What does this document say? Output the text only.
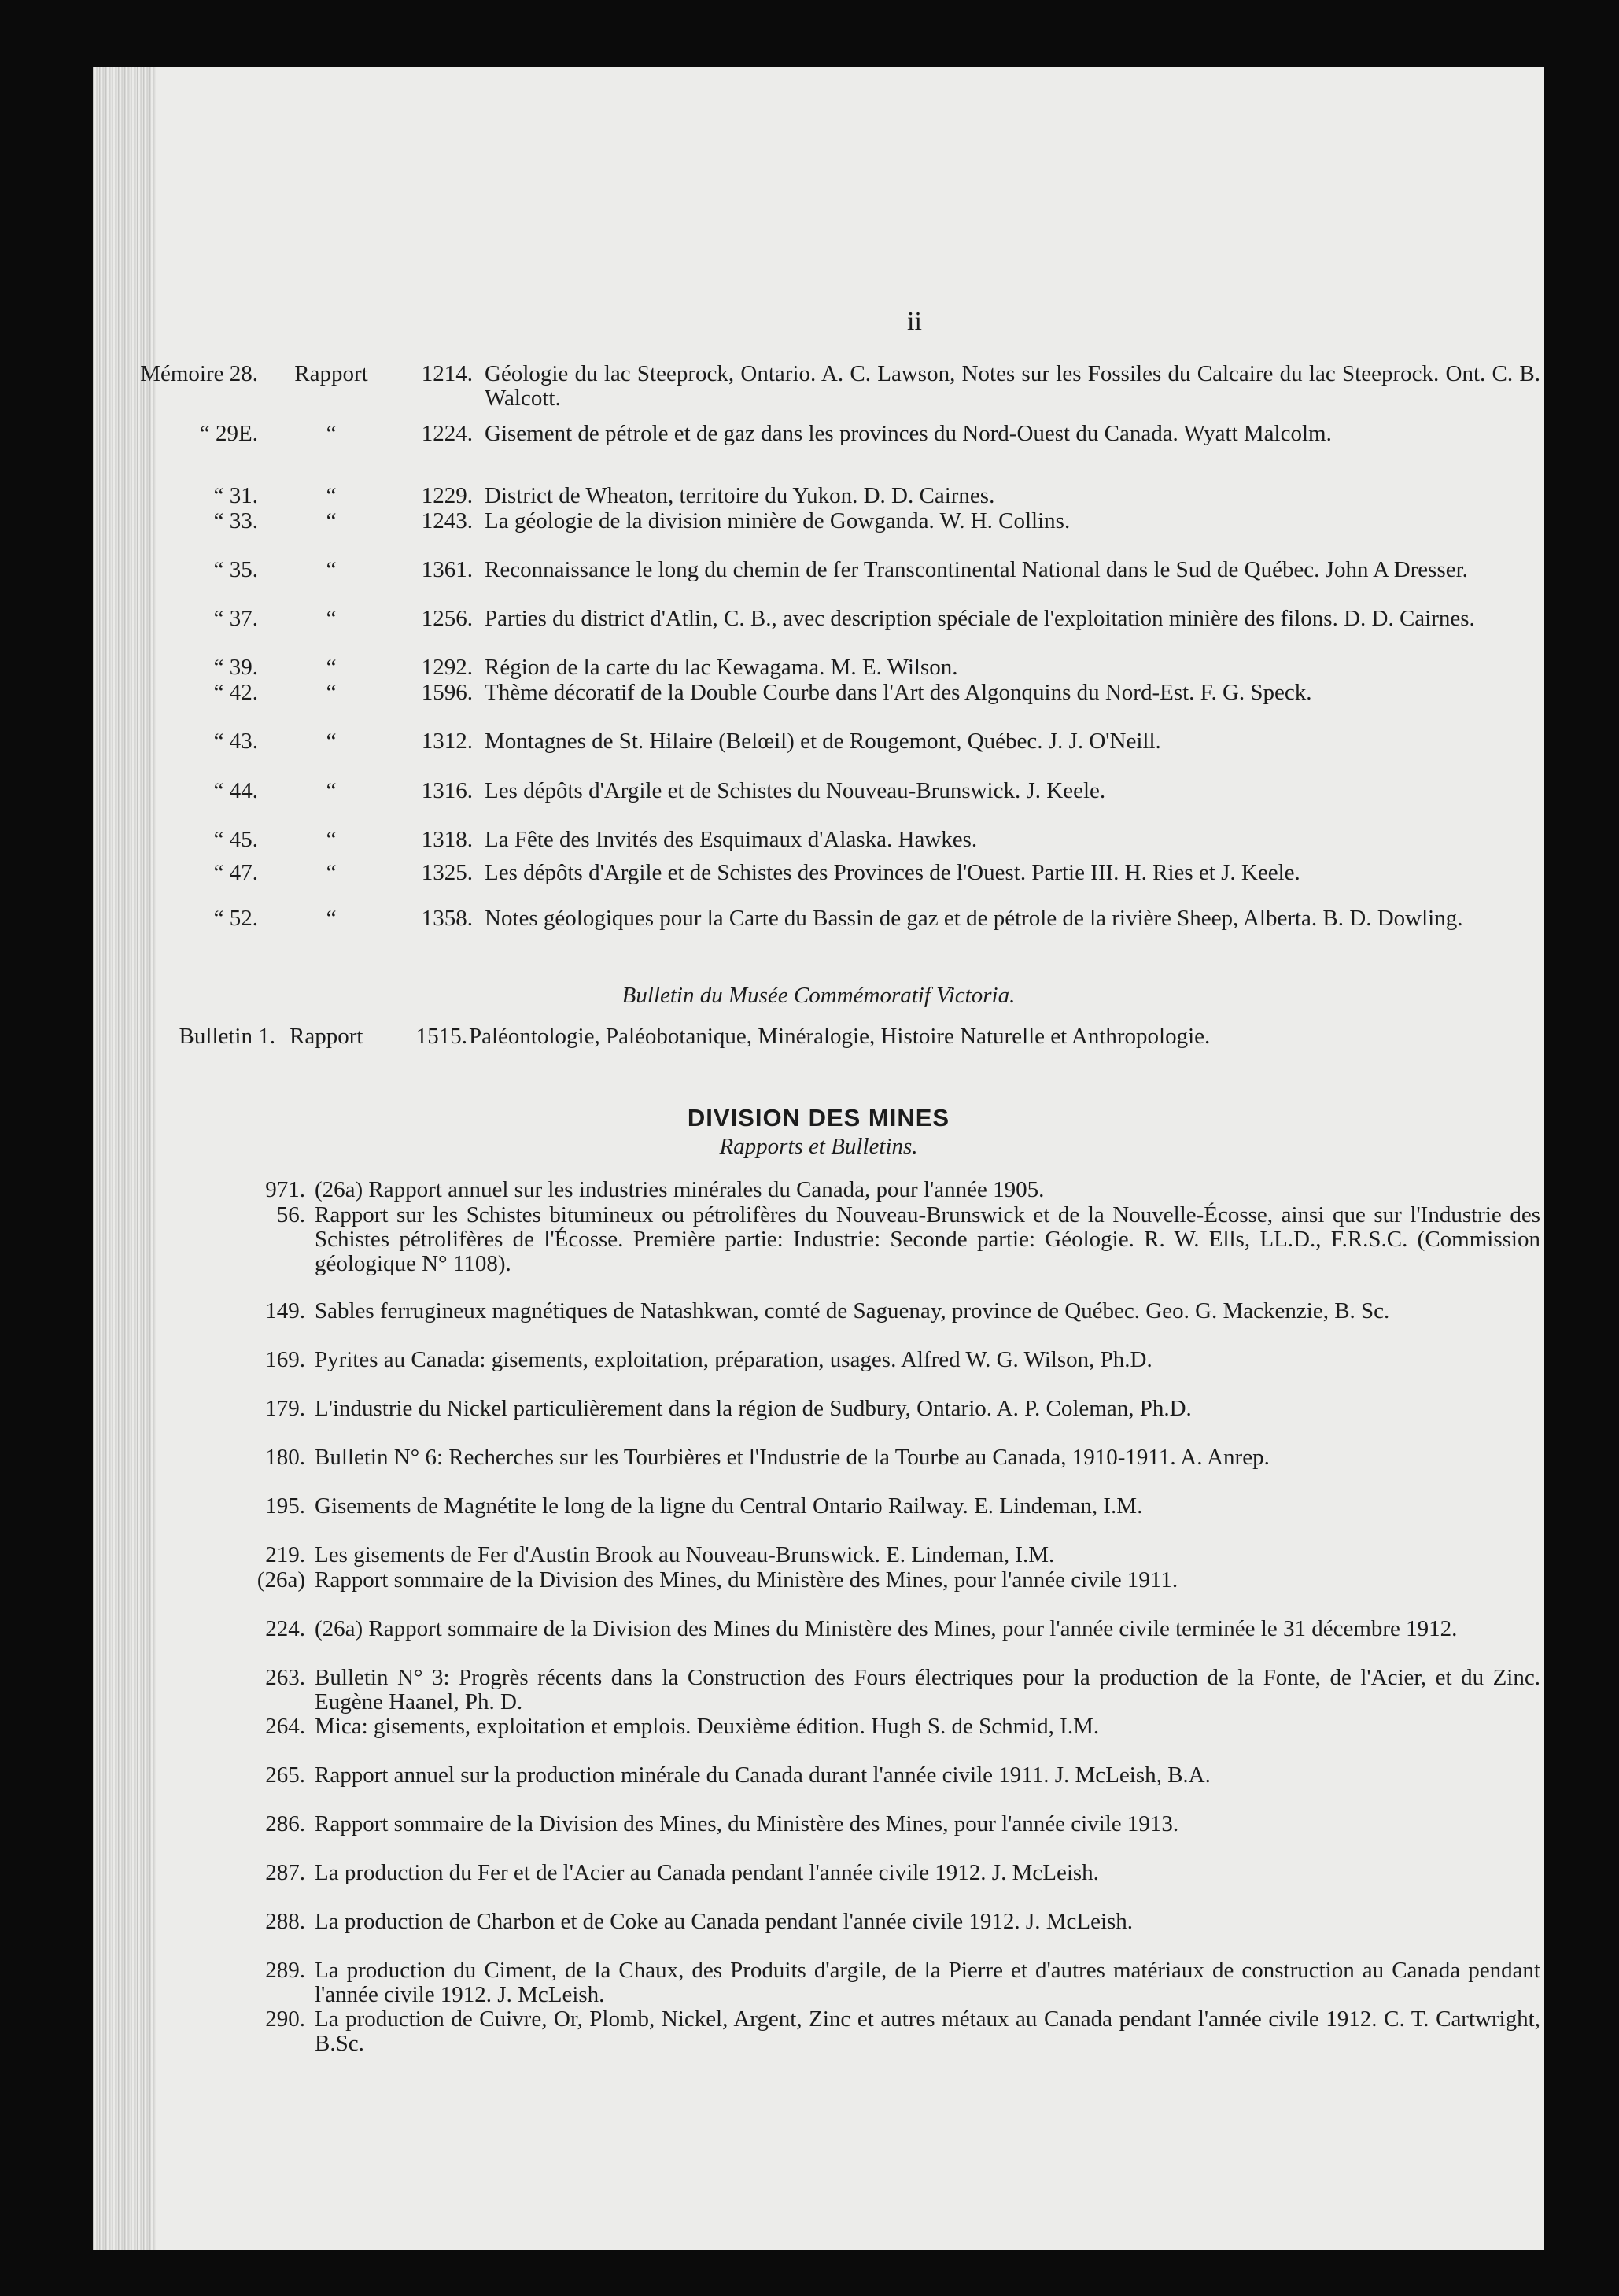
ii
Mémoire 28. Rapport	1214. Géologie du lac Steeprock, Ontario. A. C. Lawson, Notes sur les Fossiles du Calcaire du lac Steeprock. Ont. C. B. Walcott.
“ 29E.	“	1224. Gisement de pétrole et de gaz dans les provinces du Nord-Ouest du Canada. Wyatt Malcolm.
“ 31.	“	1229. District de Wheaton, territoire du Yukon. D. D. Cairnes.
“ 33.	“	1243. La géologie de la division minière de Gowganda. W. H. Collins.
“ 35.	“	1361. Reconnaissance le long du chemin de fer Transcontinental National dans le Sud de Québec. John A Dresser.
“ 37.	“	1256. Parties du district d'Atlin, C. B., avec description spéciale de l'exploitation minière des filons. D. D. Cairnes.
“ 39.	“	1292. Région de la carte du lac Kewagama. M. E. Wilson.
“ 42.	“	1596. Thème décoratif de la Double Courbe dans l'Art des Algonquins du Nord-Est. F. G. Speck.
“ 43.	“	1312. Montagnes de St. Hilaire (Belœil) et de Rougemont, Québec. J. J. O'Neill.
“ 44.	“	1316. Les dépôts d'Argile et de Schistes du Nouveau-Brunswick. J. Keele.
“ 45.	“	1318. La Fête des Invités des Esquimaux d'Alaska. Hawkes.
“ 47.	“	1325. Les dépôts d'Argile et de Schistes des Provinces de l'Ouest. Partie III. H. Ries et J. Keele.
“ 52.	“	1358. Notes géologiques pour la Carte du Bassin de gaz et de pétrole de la rivière Sheep, Alberta. B. D. Dowling.
Bulletin du Musée Commémoratif Victoria.
Bulletin 1. Rapport	1515. Paléontologie, Paléobotanique, Minéralogie, Histoire Naturelle et Anthropologie.
DIVISION DES MINES
Rapports et Bulletins.
971. (26a) Rapport annuel sur les industries minérales du Canada, pour l'année 1905.
56. Rapport sur les Schistes bitumineux ou pétrolifères du Nouveau-Brunswick et de la Nouvelle-Écosse, ainsi que sur l'Industrie des Schistes pétrolifères de l'Écosse. Première partie: Industrie: Seconde partie: Géologie. R. W. Ells, LL.D., F.R.S.C. (Commission géologique N° 1108).
149. Sables ferrugineux magnétiques de Natashkwan, comté de Saguenay, province de Québec. Geo. G. Mackenzie, B. Sc.
169. Pyrites au Canada: gisements, exploitation, préparation, usages. Alfred W. G. Wilson, Ph.D.
179. L'industrie du Nickel particulièrement dans la région de Sudbury, Ontario. A. P. Coleman, Ph.D.
180. Bulletin N° 6: Recherches sur les Tourbières et l'Industrie de la Tourbe au Canada, 1910-1911. A. Anrep.
195. Gisements de Magnétite le long de la ligne du Central Ontario Railway. E. Lindeman, I.M.
219. Les gisements de Fer d'Austin Brook au Nouveau-Brunswick. E. Lindeman, I.M.
(26a) Rapport sommaire de la Division des Mines, du Ministère des Mines, pour l'année civile 1911.
224. (26a) Rapport sommaire de la Division des Mines du Ministère des Mines, pour l'année civile terminée le 31 décembre 1912.
263. Bulletin N° 3: Progrès récents dans la Construction des Fours électriques pour la production de la Fonte, de l'Acier, et du Zinc. Eugène Haanel, Ph. D.
264. Mica: gisements, exploitation et emplois. Deuxième édition. Hugh S. de Schmid, I.M.
265. Rapport annuel sur la production minérale du Canada durant l'année civile 1911. J. McLeish, B.A.
286. Rapport sommaire de la Division des Mines, du Ministère des Mines, pour l'année civile 1913.
287. La production du Fer et de l'Acier au Canada pendant l'année civile 1912. J. McLeish.
288. La production de Charbon et de Coke au Canada pendant l'année civile 1912. J. McLeish.
289. La production du Ciment, de la Chaux, des Produits d'argile, de la Pierre et d'autres matériaux de construction au Canada pendant l'année civile 1912. J. McLeish.
290. La production de Cuivre, Or, Plomb, Nickel, Argent, Zinc et autres métaux au Canada pendant l'année civile 1912. C. T. Cartwright, B.Sc.
